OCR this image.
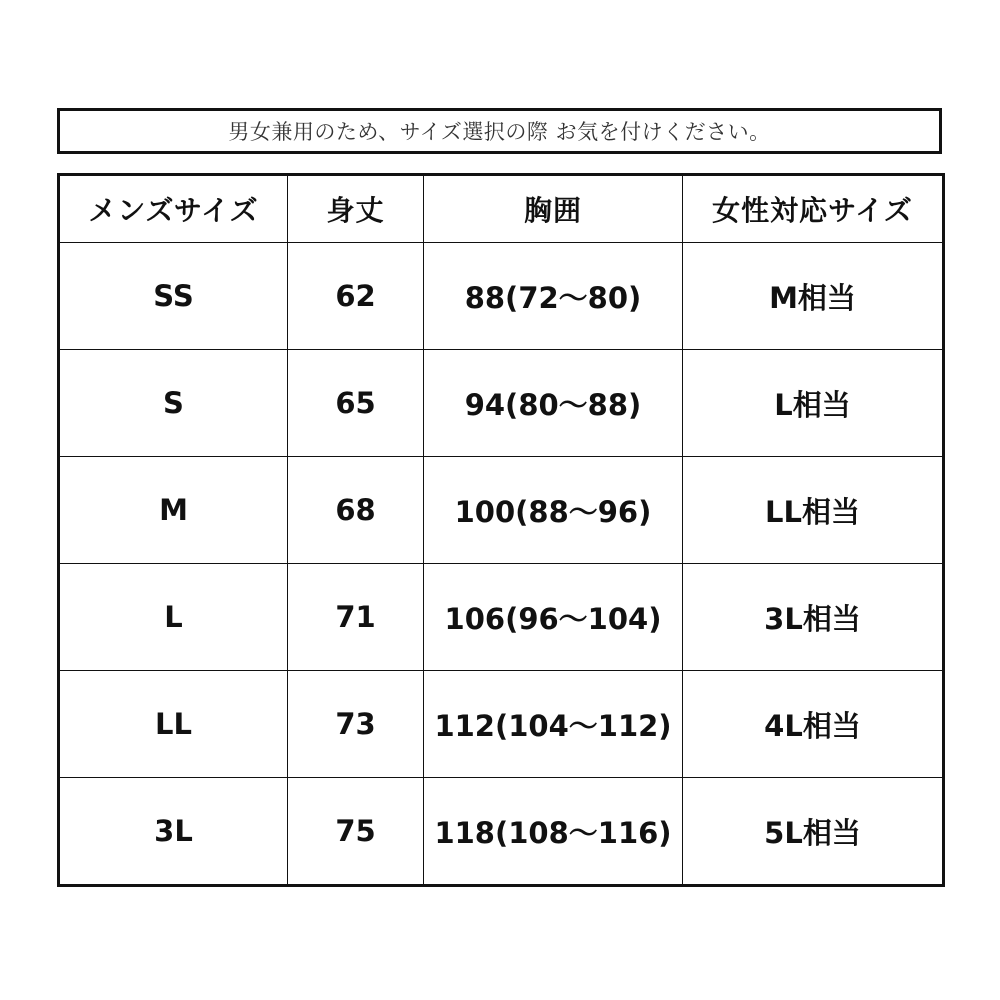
男女兼用のため、サイズ選択の際 お気を付けください。
メンズサイズ	身丈	胸囲	女性対応サイズ
SS	62	88(72〜80)	M相当
S	65	94(80〜88)	L相当
M	68	100(88〜96)	LL相当
L	71	106(96〜104)	3L相当
LL	73	112(104〜112)	4L相当
3L	75	118(108〜116)	5L相当
